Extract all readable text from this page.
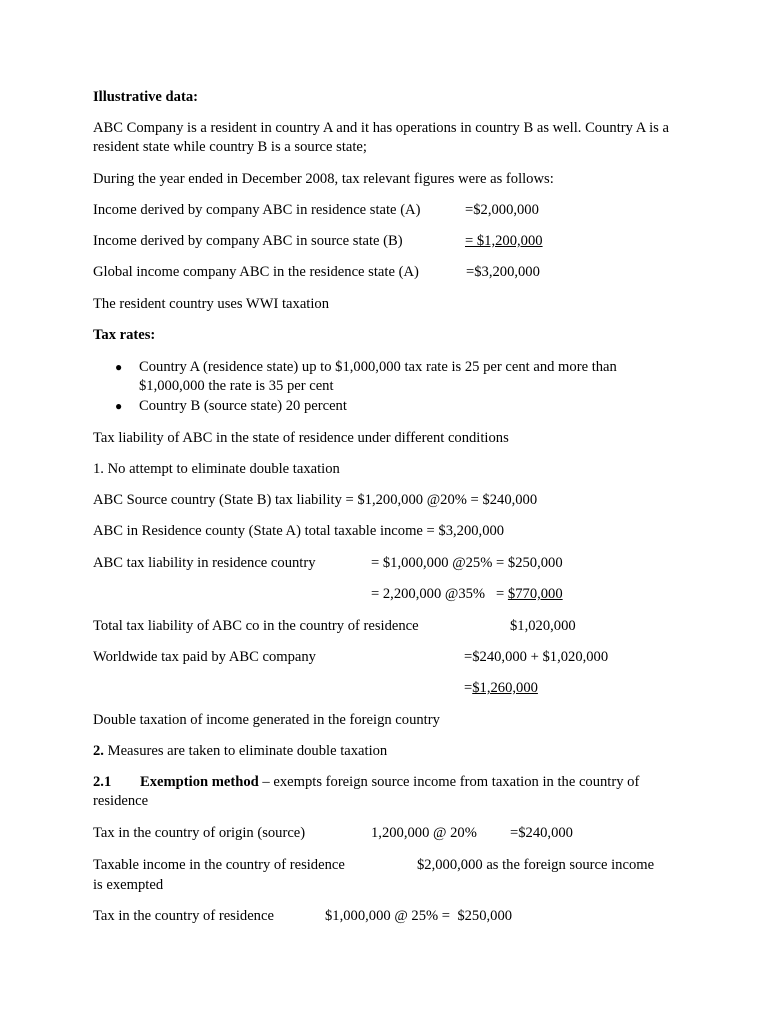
Illustrative data:
ABC Company is a resident in country A and it has operations in country B as well. Country A is a resident state while country B is a source state;
During the year ended in December 2008, tax relevant figures were as follows:
Income derived by company ABC in residence state (A)	=$2,000,000
Income derived by company ABC in source state (B)	= $1,200,000
Global income company ABC in the residence state (A)	=$3,200,000
The resident country uses WWI taxation
Tax rates:
● Country A (residence state) up to $1,000,000 tax rate is 25 per cent and more than $1,000,000 the rate is 35 per cent
● Country B (source state) 20 percent
Tax liability of ABC in the state of residence under different conditions
1. No attempt to eliminate double taxation
ABC Source country (State B) tax liability = $1,200,000 @20% = $240,000
ABC in Residence county (State A) total taxable income = $3,200,000
ABC tax liability in residence country	= $1,000,000 @25% = $250,000
= 2,200,000 @35%   = $770,000
Total tax liability of ABC co in the country of residence	$1,020,000
Worldwide tax paid by ABC company	=$240,000 + $1,020,000
=$1,260,000
Double taxation of income generated in the foreign country
2. Measures are taken to eliminate double taxation
2.1 Exemption method – exempts foreign source income from taxation in the country of residence
Tax in the country of origin (source)	1,200,000 @ 20% =$240,000
Taxable income in the country of residence	$2,000,000 as the foreign source income
is exempted
Tax in the country of residence	$1,000,000 @ 25% =  $250,000
